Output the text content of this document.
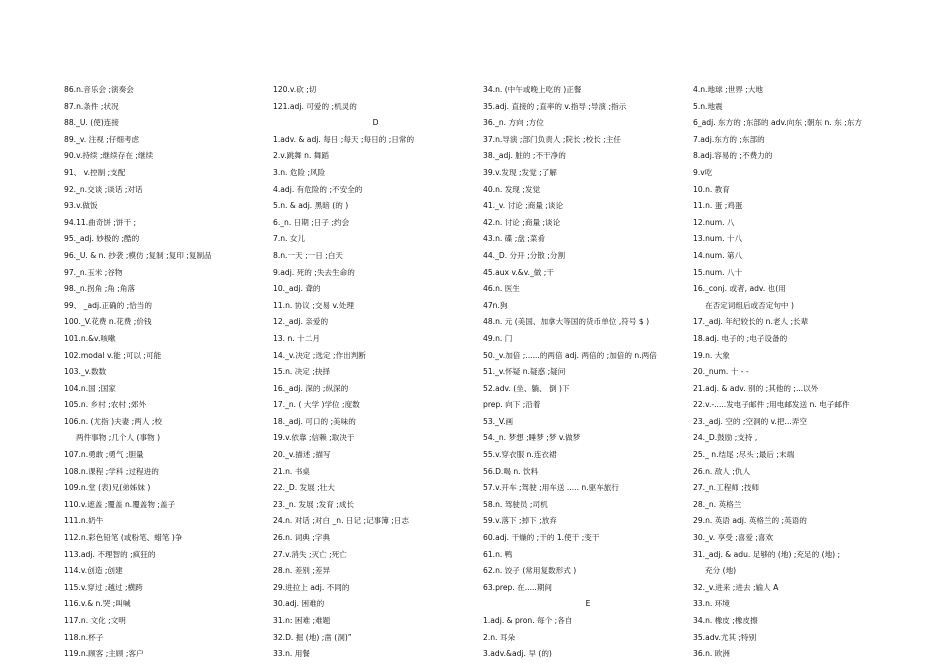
86.n.音乐会 ;演奏会
87.n.条件 ;状况
88._U. (使)连接
89._v. 注视 ;仔细考虑
90.v.持续 ;继续存在 ;继续
91、 v.控制 ;支配
92._n.交谈 ;谈话 ;对话
93.v.做饭
94.11.曲奇饼 ;饼干 ;
95._adj. 妙极的 ;酷的
96._U. & n. 抄袭 ;模仿 ;复制 ;复印 ;复制品
97._n.玉米 ;谷物
98._n.拐角 ;角 ;角落
99、 _adj.正确的 ;恰当的
100._V.花费 n.花费 ;价钱
101.n.&v.咳嗽
102.modal v.能 ;可以 ;可能
103._v.数数
104.n.国 ;国家
105.n. 乡村 ;农村 ;郊外
106.n. (尤指 )夫妻 ;两人 ;校
两件事物 ;几个人 (事物 )
107.n.勇敢 ;勇气 ;胆量
108.n.课程 ;学科 ;过程进的
109.n.堂 (表)兄(弟姊妹 )
110.v.遮盖 ;覆盖 n.覆盖物 ;盖子
111.n.奶牛
112.n.彩色铅笔 (或粉笔、蜡笔 )争
113.adj. 不理智的 ;疯狂的
114.v.创造 ;创建
115.v.穿过 ;越过 ;横跨
116.v.& n.哭 ;叫喊
117.n. 文化 ;文明
118.n.杯子
119.n.顾客 ;主顾 ;客户
120.v.砍 ;切
121.adj. 可爱的 ;机灵的
D
1.adv. & adj. 每日 ;每天 ;每日的 ;日常的
2.v.跳舞 n. 舞蹈
3.n. 危险 ;风险
4.adj. 有危险的 ;不安全的
5.n. & adj. 黑暗 (的 )
6._n. 日期 ;日子 ;约会
7.n. 女儿
8.n.一天 ;一日 ;白天
9.adj. 死的 ;失去生命的
10._adj. 聋的
11.n. 协议 ;交易 v.处理
12._adj. 亲爱的
13. n. 十二月
14._v.决定 ;选定 ;作出判断
15.n. 决定 ;抉择
16._adj. 深的 ;纵深的
17._n. ( 大学 )学位 ;度数
18._adj. 可口的 ;美味的
19.v.依靠 ;信赖 ;取决于
20._v.描述 ;描写
21.n. 书桌
22._D. 发展 ;壮大
23._n. 发展 ;发育 ;成长
24.n. 对话 ;对白 _n. 日记 ;记事簿 ;日志
26.n. 词典 ;字典
27.v.消失 ;灭亡 ;死亡
28.n. 差别 ;差异
29.进拉上 adj. 不同的
30.adj. 困难的
31.n: 困难 ;难题
32.D. 掘 (地) ;凿 (洞)”
33.n. 用餐
34.n. (中午或晚上吃的 )正餐
35.adj. 直接的 ;直率的 v.指导 ;导演 ;指示
36._n. 方向 ;方位
37.n.导演 ;部门负责人 ;院长 ;校长 ;主任
38._adj. 脏的 ;不干净的
39.v.发现 ;发觉 ;了解
40.n. 发现 ;发觉
41._v. 讨论 ;商量 ;谈论
42.n. 讨论 ;商量 ;谈论
43.n. 碟 ;盘 ;菜肴
44._D. 分开 ;分散 ;分割
45.aux v.&v._做 ;干
46.n. 医生
47n.狗
48.n. 元 (美国、加拿大等国的货币单位 ,符号 $ )
49.n. 门
50._v.加倍 ;......的两倍 adj. 两倍的 ;加倍的 n.两倍
51._v.怀疑 n.疑惑 ;疑问
52.adv. (坐、躺、 倒 )下
prep. 向下 ;沿着
53._V.画
54._n. 梦想 ;睡梦 ;梦 v.做梦
55.v.穿衣服 n.连衣裙
56.D.喝 n. 饮料
57.v.开车 ;驾驶 ;用车送 ..... n.驱车旅行
58.n. 驾驶员 ;司机
59.v.落下 ;掉下 ;放弃
60.adj. 干燥的 ;干的 1.使干 ;变干
61.n. 鸭
62.n. 饺子 (常用复数形式 )
63.prep. 在.....期间
E
1.adj. & pron. 每个 ;各自
2.n. 耳朵
3.adv.&adj. 早 (的)
4.n.地球 ;世界 ;大地
5.n.地震
6_adj. 东方的 ;东部的 adv.向东 ;朝东 n. 东 ;东方
7.adj.东方的 ;东部的
8.adj.容易的 ;不费力的
9.v吃
10.n. 教育
11.n. 蛋 ;鸡蛋
12.num. 八
13.num. 十八
14.num. 第八
15.num. 八十
16._conj. 或者, adv. 也(用
在否定词组后或否定句中 )
17._adj. 年纪较长的 n.老人 ;长辈
18.adj. 电子的 ;电子设备的
19.n. 大象
20._num. 十 - -
21.adj. & adv. 别的 ;其他的 ;...以外
22.v.-.....发电子邮件 ;用电邮发送 n. 电子邮件
23._adj. 空的 ;空洞的 v.把...弄空
24._D.鼓励 ;支持 ,
25._ n.结尾 ;尽头 ;最后 ;末端
26.n. 敌人 ;仇人
27._n.工程师 ;技师
28._n. 英格兰
29.n. 英语 adj. 英格兰的 ;英语的
30._v. 享受 ;喜爱 ;喜欢
31._adj. & adu. 足够的 (地) ;充足的 (地) ;
充分 (地)
32._v.进来 ;进去 ;输人 A
33.n. 环境
34.n. 橡皮 ;橡皮擦
35.adv.尤其 ;特别
36.n. 欧洲
